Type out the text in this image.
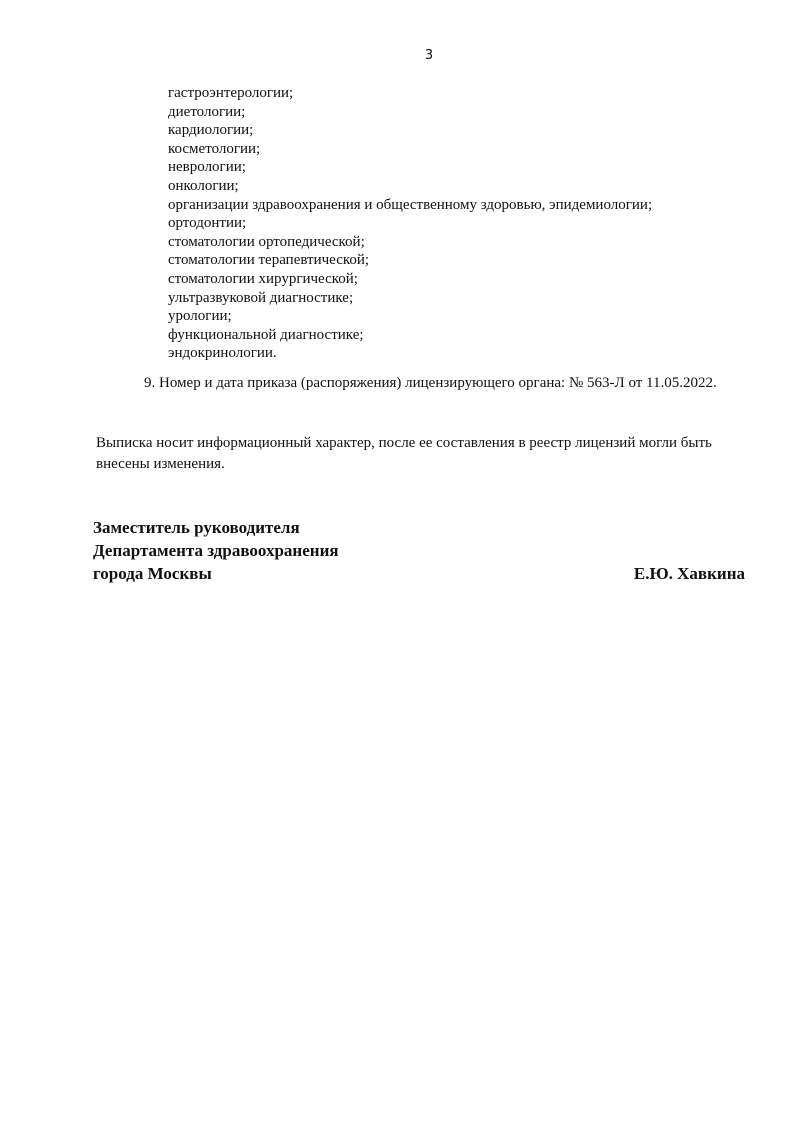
3
гастроэнтерологии;
диетологии;
кардиологии;
косметологии;
неврологии;
онкологии;
организации здравоохранения и общественному здоровью, эпидемиологии;
ортодонтии;
стоматологии ортопедической;
стоматологии терапевтической;
стоматологии хирургической;
ультразвуковой диагностике;
урологии;
функциональной диагностике;
эндокринологии.
9. Номер и дата приказа (распоряжения) лицензирующего органа: № 563-Л от 11.05.2022.
Выписка носит информационный характер, после ее составления в реестр лицензий могли быть внесены изменения.
Заместитель руководителя
Департамента здравоохранения
города Москвы	Е.Ю. Хавкина
